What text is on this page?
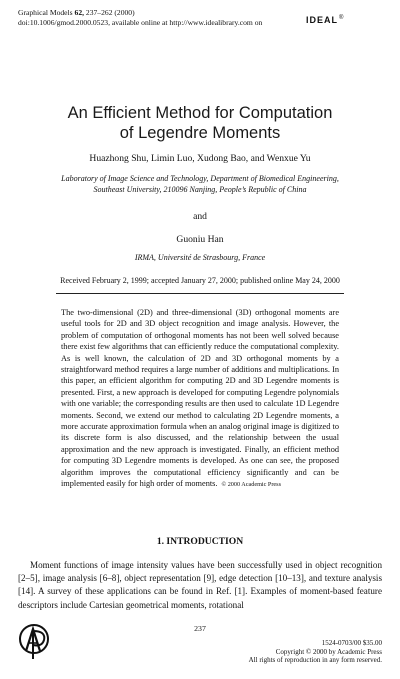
Graphical Models 62, 237–262 (2000)
doi:10.1006/gmod.2000.0523, available online at http://www.idealibrary.com on	IDEAL®
An Efficient Method for Computation
of Legendre Moments
Huazhong Shu, Limin Luo, Xudong Bao, and Wenxue Yu
Laboratory of Image Science and Technology, Department of Biomedical Engineering,
Southeast University, 210096 Nanjing, People’s Republic of China
and
Guoniu Han
IRMA, Université de Strasbourg, France
Received February 2, 1999; accepted January 27, 2000; published online May 24, 2000
The two-dimensional (2D) and three-dimensional (3D) orthogonal moments are useful tools for 2D and 3D object recognition and image analysis. However, the problem of computation of orthogonal moments has not been well solved because there exist few algorithms that can efficiently reduce the computational complexity. As is well known, the calculation of 2D and 3D orthogonal moments by a straightforward method requires a large number of additions and multiplications. In this paper, an efficient algorithm for computing 2D and 3D Legendre moments is presented. First, a new approach is developed for computing Legendre polynomials with one variable; the corresponding results are then used to calculate 1D Legendre moments. Second, we extend our method to calculating 2D Legendre moments, a more accurate approximation formula when an analog original image is digitized to its discrete form is also discussed, and the relationship between the usual approximation and the new approach is investigated. Finally, an efficient method for computing 3D Legendre moments is developed. As one can see, the proposed algorithm improves the computational efficiency significantly and can be implemented easily for high order of moments. © 2000 Academic Press
1. INTRODUCTION

Moment functions of image intensity values have been successfully used in object recognition [2–5], image analysis [6–8], object representation [9], edge detection [10–13], and texture analysis [14]. A survey of these applications can be found in Ref. [1]. Examples of moment-based feature descriptors include Cartesian geometrical moments, rotational

237
1524-0703/00 $35.00
Copyright © 2000 by Academic Press
All rights of reproduction in any form reserved.
